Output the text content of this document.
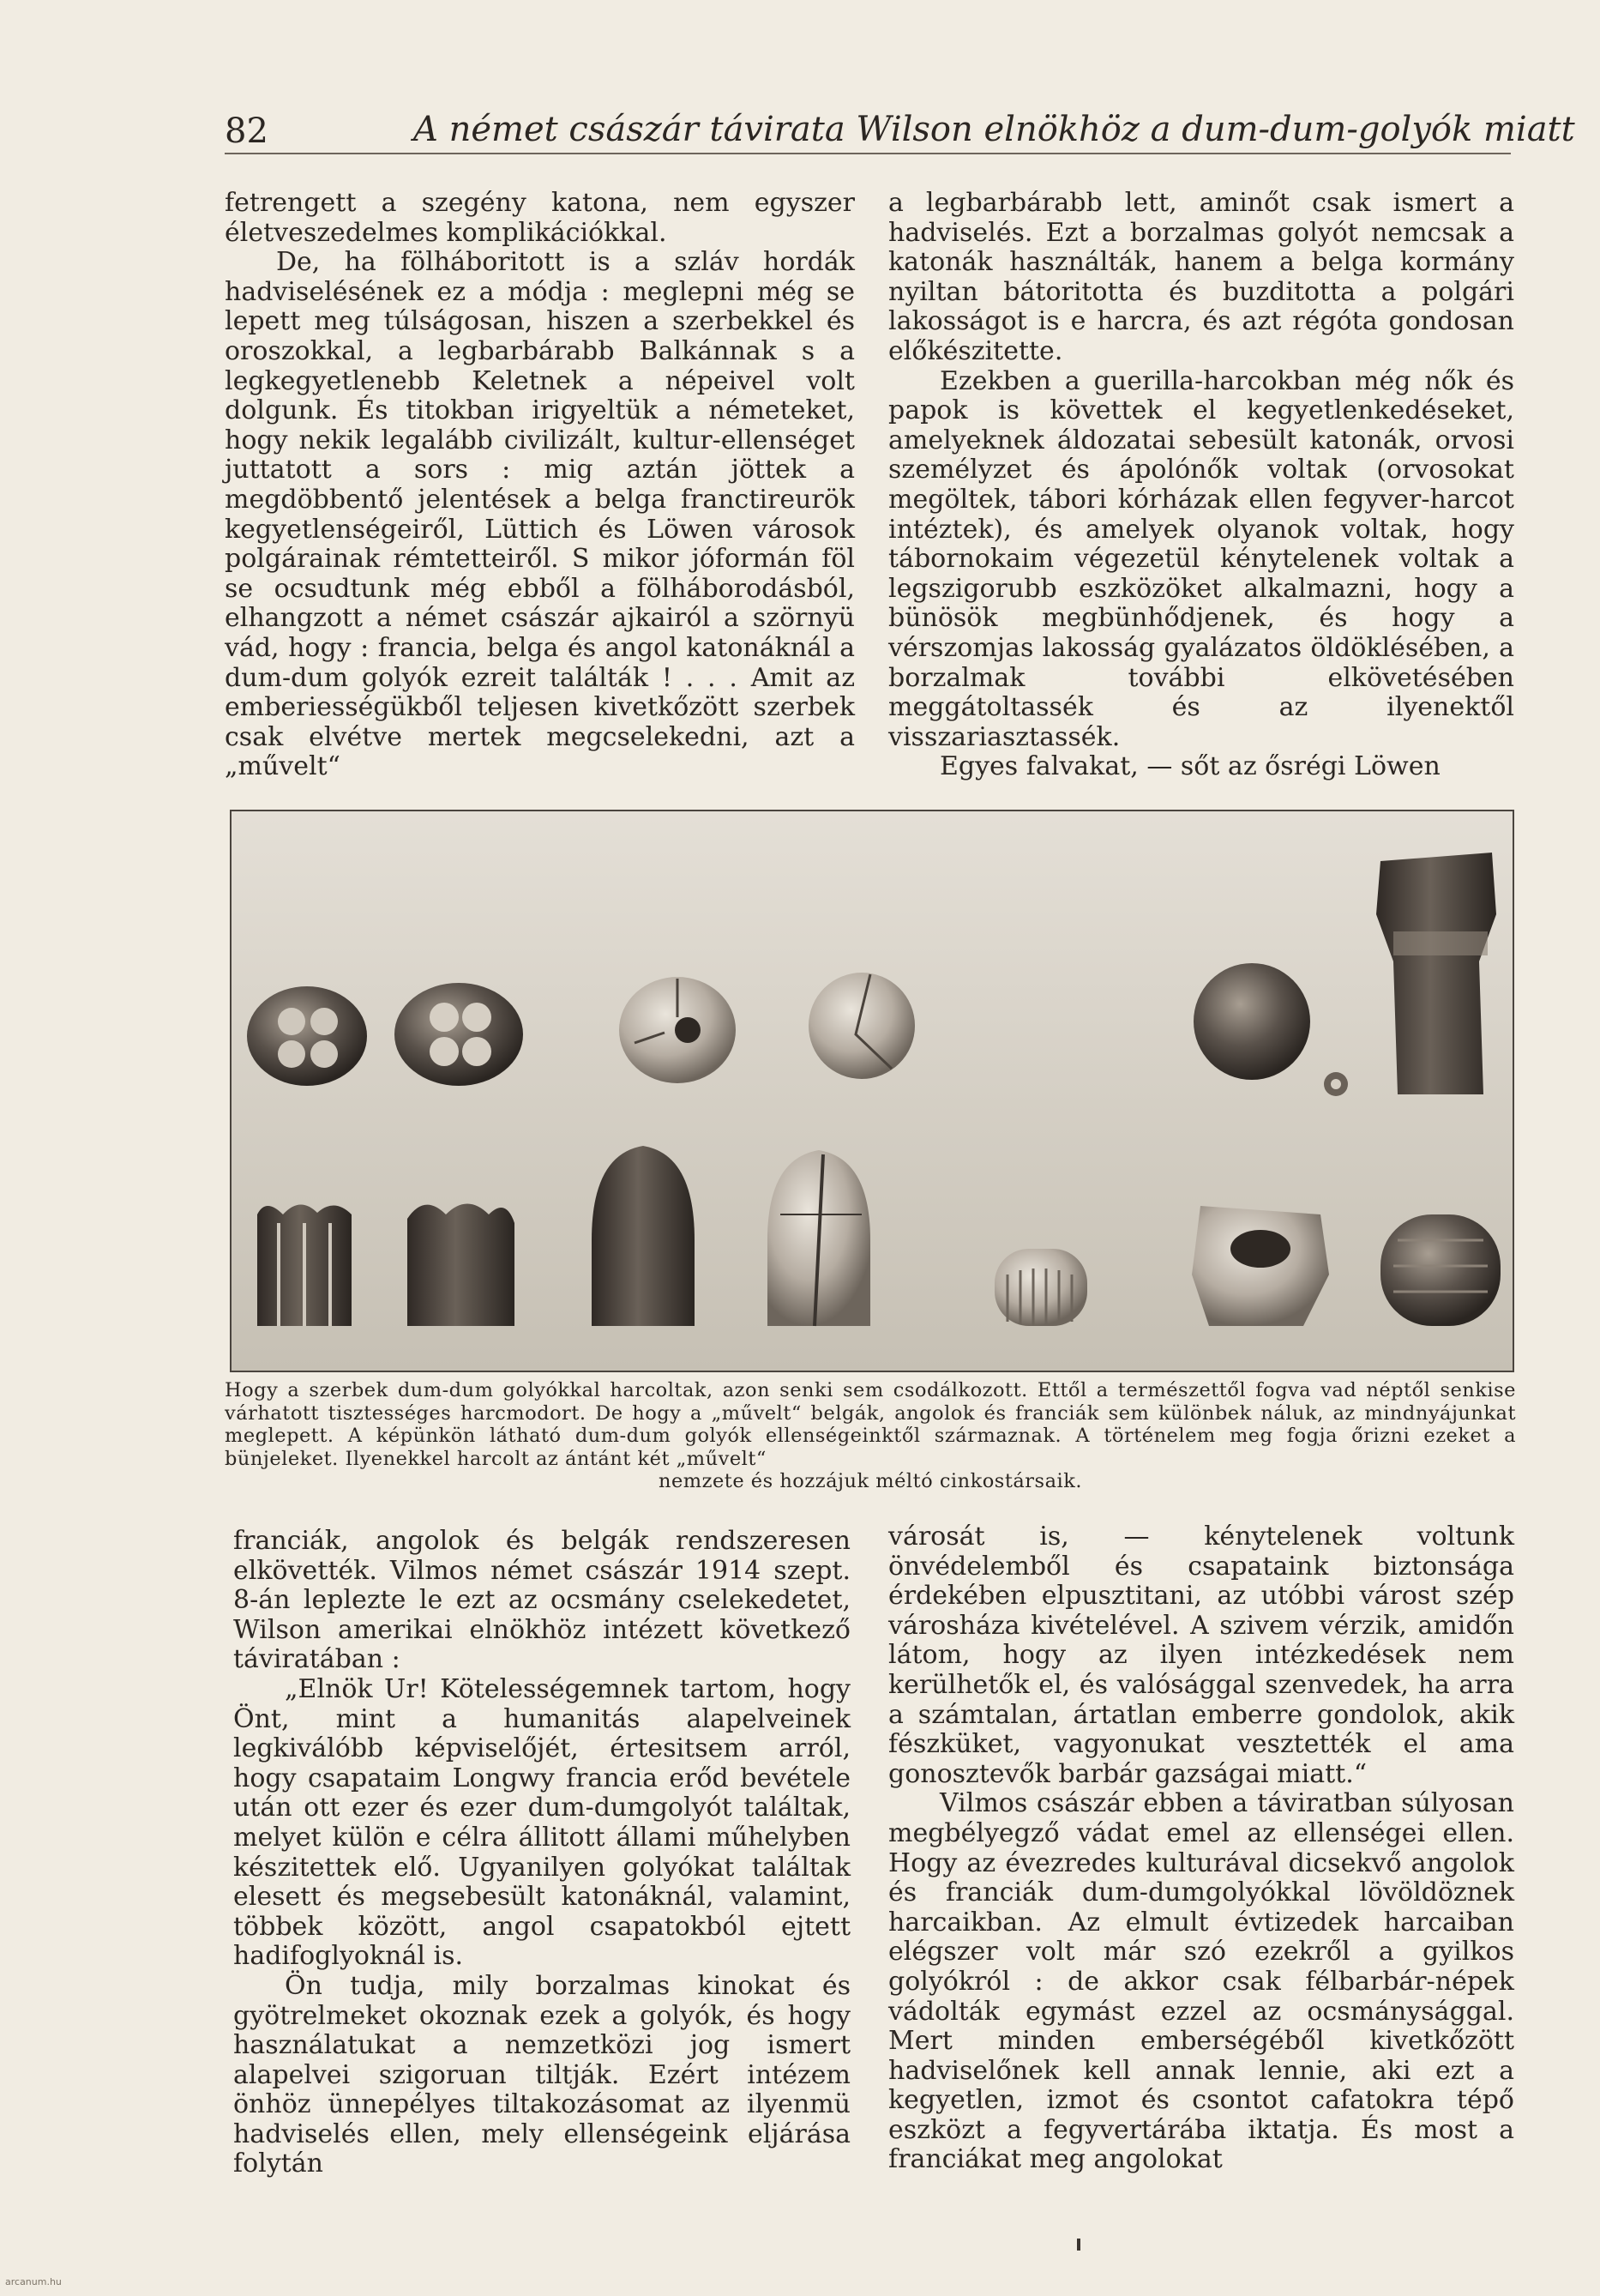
82	A német császár távirata Wilson elnökhöz a dum-dum-golyók miatt

fetrengett a szegény katona, nem egyszer életveszedelmes komplikációkkal.

De, ha fölháboritott is a szláv hordák hadviselésének ez a módja : meglepni még se lepett meg túlságosan, hiszen a szerbekkel és oroszokkal, a legbarbárabb Balkánnak s a legkegyetlenebb Keletnek a népeivel volt dolgunk. És titokban irigyeltük a németeket, hogy nekik legalább civilizált, kultur-ellenséget juttatott a sors : mig aztán jöttek a megdöbbentő jelentések a belga franctireurök kegyetlenségeiről, Lüttich és Löwen városok polgárainak rémtetteiről. S mikor jóformán föl se ocsudtunk még ebből a fölháborodásból, elhangzott a német császár ajkairól a szörnyü vád, hogy : francia, belga és angol katonáknál a dum-dum golyók ezreit találták ! . . . Amit az emberiességükből teljesen kivetkőzött szerbek csak elvétve mertek megcselekedni, azt a „művelt“

a legbarbárabb lett, aminőt csak ismert a hadviselés. Ezt a borzalmas golyót nemcsak a katonák használták, hanem a belga kormány nyiltan bátoritotta és buzditotta a polgári lakosságot is e harcra, és azt régóta gondosan előkészitette.

Ezekben a guerilla-harcokban még nők és papok is követtek el kegyetlenkedéseket, amelyeknek áldozatai sebesült katonák, orvosi személyzet és ápolónők voltak (orvosokat megöltek, tábori kórházak ellen fegyver-harcot intéztek), és amelyek olyanok voltak, hogy tábornokaim végezetül kénytelenek voltak a legszigorubb eszközöket alkalmazni, hogy a bünösök megbünhődjenek, és hogy a vérszomjas lakosság gyalázatos öldöklésében, a borzalmak további elkövetésében meggátoltassék és az ilyenektől visszariasztassék.

Egyes falvakat, — sőt az ősrégi Löwen

Hogy a szerbek dum-dum golyókkal harcoltak, azon senki sem csodálkozott. Ettől a természettől fogva vad néptől senkise várhatott tisztességes harcmodort. De hogy a „művelt“ belgák, angolok és franciák sem különbek náluk, az mindnyájunkat meglepett. A képünkön látható dum-dum golyók ellenségeinktől származnak. A történelem meg fogja őrizni ezeket a bünjeleket. Ilyenekkel harcolt az ántánt két „művelt“
nemzete és hozzájuk méltó cinkostársaik.

franciák, angolok és belgák rendszeresen elkövették. Vilmos német császár 1914 szept. 8-án leplezte le ezt az ocsmány cselekedetet, Wilson amerikai elnökhöz intézett következő táviratában :

„Elnök Ur! Kötelességemnek tartom, hogy Önt, mint a humanitás alapelveinek legkiválóbb képviselőjét, értesitsem arról, hogy csapataim Longwy francia erőd bevétele után ott ezer és ezer dum-dumgolyót találtak, melyet külön e célra állitott állami műhelyben készitettek elő. Ugyanilyen golyókat találtak elesett és megsebesült katonáknál, valamint, többek között, angol csapatokból ejtett hadifoglyoknál is.

Ön tudja, mily borzalmas kinokat és gyötrelmeket okoznak ezek a golyók, és hogy használatukat a nemzetközi jog ismert alapelvei szigoruan tiltják. Ezért intézem önhöz ünnepélyes tiltakozásomat az ilyenmü hadviselés ellen, mely ellenségeink eljárása folytán

városát is, — kénytelenek voltunk önvédelemből és csapataink biztonsága érdekében elpusztitani, az utóbbi várost szép városháza kivételével. A szivem vérzik, amidőn látom, hogy az ilyen intézkedések nem kerülhetők el, és valósággal szenvedek, ha arra a számtalan, ártatlan emberre gondolok, akik fészküket, vagyonukat vesztették el ama gonosztevők barbár gazságai miatt.“

Vilmos császár ebben a táviratban súlyosan megbélyegző vádat emel az ellenségei ellen. Hogy az évezredes kulturával dicsekvő angolok és franciák dum-dumgolyókkal lövöldöznek harcaikban. Az elmult évtizedek harcaiban elégszer volt már szó ezekről a gyilkos golyókról : de akkor csak félbarbár-népek vádolták egymást ezzel az ocsmánysággal. Mert minden emberségéből kivetkőzött hadviselőnek kell annak lennie, aki ezt a kegyetlen, izmot és csontot cafatokra tépő eszközt a fegyvertárába iktatja. És most a franciákat meg angolokat

arcanum.hu
